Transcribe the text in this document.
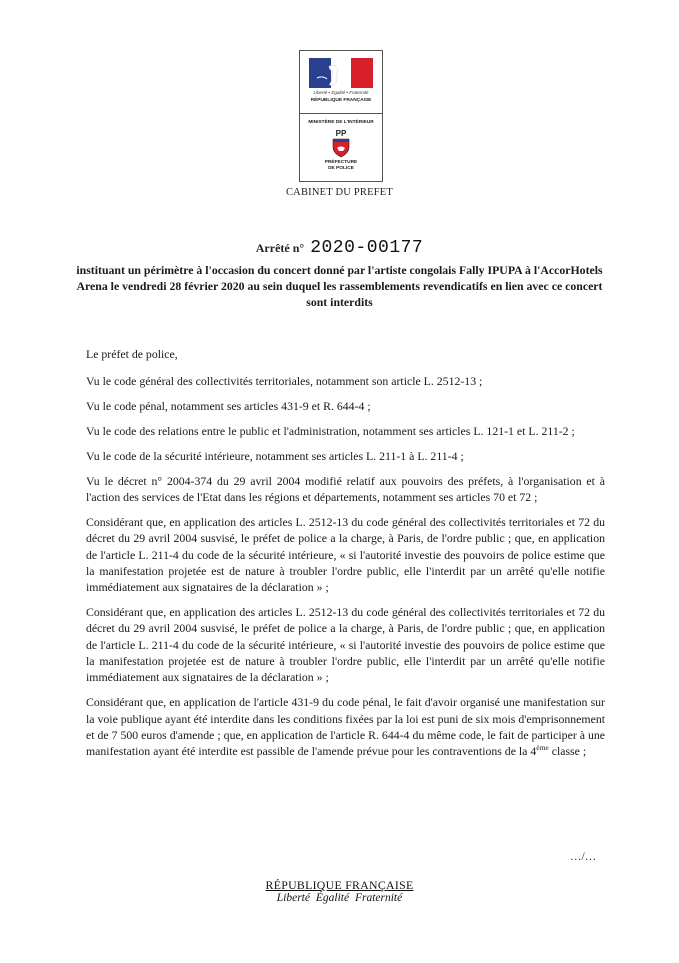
Liberté • Égalité • Fraternité
RÉPUBLIQUE FRANÇAISE
MINISTÈRE DE L'INTÉRIEUR
PP
PRÉFECTURE
DE POLICE
CABINET DU PREFET
Arrêté n° 2020-00177
instituant un périmètre à l'occasion du concert donné par l'artiste congolais Fally IPUPA à l'AccorHotels Arena le vendredi 28 février 2020 au sein duquel les rassemblements revendicatifs en lien avec ce concert sont interdits

Le préfet de police,

Vu le code général des collectivités territoriales, notamment son article L. 2512-13 ;

Vu le code pénal, notamment ses articles 431-9 et R. 644-4 ;

Vu le code des relations entre le public et l'administration, notamment ses articles L. 121-1 et L. 211-2 ;

Vu le code de la sécurité intérieure, notamment ses articles L. 211-1 à L. 211-4 ;

Vu le décret n° 2004-374 du 29 avril 2004 modifié relatif aux pouvoirs des préfets, à l'organisation et à l'action des services de l'Etat dans les régions et départements, notamment ses articles 70 et 72 ;

Considérant que, en application des articles L. 2512-13 du code général des collectivités territoriales et 72 du décret du 29 avril 2004 susvisé, le préfet de police a la charge, à Paris, de l'ordre public ; que, en application de l'article L. 211-4 du code de la sécurité intérieure, « si l'autorité investie des pouvoirs de police estime que la manifestation projetée est de nature à troubler l'ordre public, elle l'interdit par un arrêté qu'elle notifie immédiatement aux signataires de la déclaration » ;

Considérant que, en application des articles L. 2512-13 du code général des collectivités territoriales et 72 du décret du 29 avril 2004 susvisé, le préfet de police a la charge, à Paris, de l'ordre public ; que, en application de l'article L. 211-4 du code de la sécurité intérieure, « si l'autorité investie des pouvoirs de police estime que la manifestation projetée est de nature à troubler l'ordre public, elle l'interdit par un arrêté qu'elle notifie immédiatement aux signataires de la déclaration » ;

Considérant que, en application de l'article 431-9 du code pénal, le fait d'avoir organisé une manifestation sur la voie publique ayant été interdite dans les conditions fixées par la loi est puni de six mois d'emprisonnement et de 7 500 euros d'amende ; que, en application de l'article R. 644-4 du même code, le fait de participer à une manifestation ayant été interdite est passible de l'amende prévue pour les contraventions de la 4ème classe ;

…/…
RÉPUBLIQUE FRANÇAISE
Liberté Égalité Fraternité
